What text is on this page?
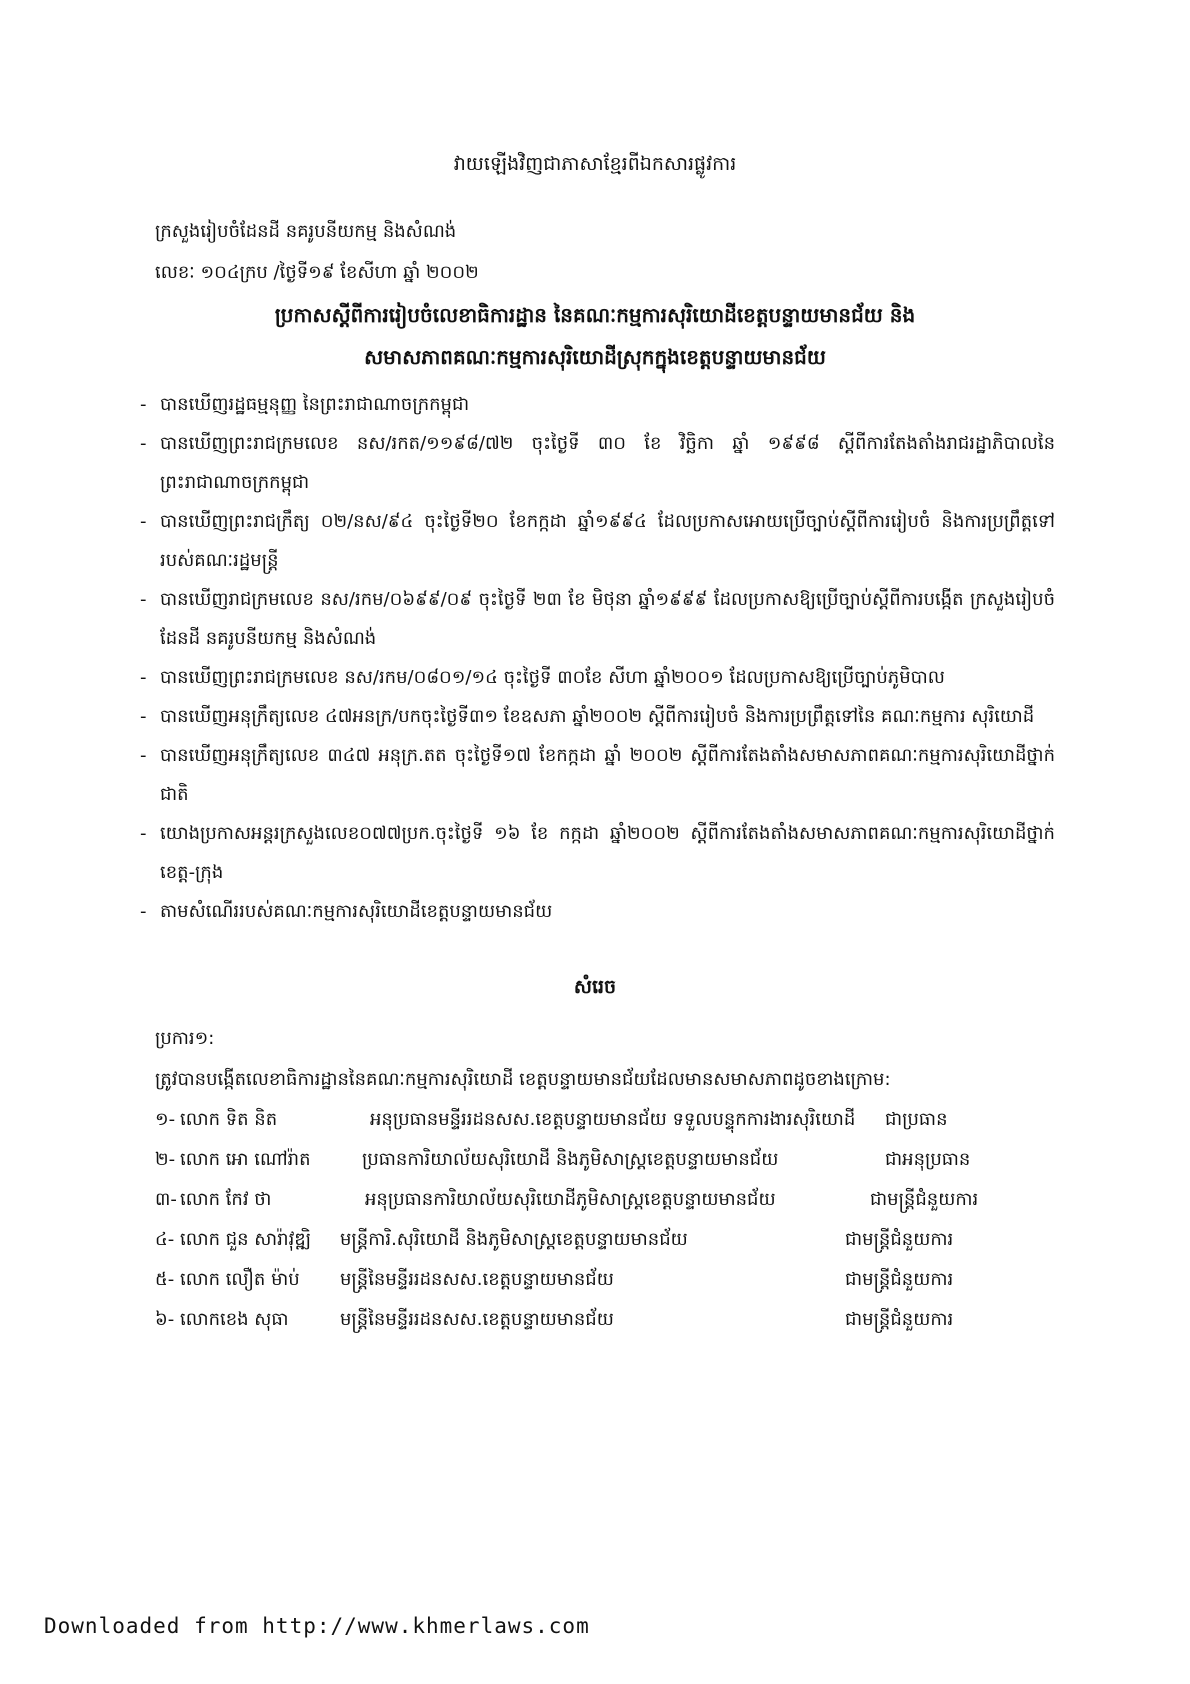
វាយឡើងវិញជាភាសាខ្មែរពីឯកសារផ្លូវការ
ក្រសួងរៀបចំដែនដី នគរូបនីយកម្ម និងសំណង់
លេខៈ ១០៤ក្រប /ថ្ងៃទី១៩ ខែសីហា ឆ្នាំ ២០០២
ប្រកាសស្តីពីការរៀបចំលេខាធិការដ្ឋាន នៃគណៈកម្មការសុរិយោដីខេត្តបន្ទាយមានជ័យ និង
សមាសភាពគណៈកម្មការសុរិយោដីស្រុកក្នុងខេត្តបន្ទាយមានជ័យ
- បានឃើញរដ្ឋធម្មនុញ្ញ នៃព្រះរាជាណាចក្រកម្ពុជា
- បានឃើញព្រះរាជក្រមលេខ នស/រកត/១១៩៨/៧២ ចុះថ្ងៃទី ៣០ ខែ វិច្ឆិកា ឆ្នាំ ១៩៩៨ ស្តីពីការតែងតាំងរាជរដ្ឋាភិបាលនៃព្រះរាជាណាចក្រកម្ពុជា
- បានឃើញព្រះរាជក្រឹត្យ ០២/នស/៩៤ ចុះថ្ងៃទី២០ ខែកក្កដា ឆ្នាំ១៩៩៤ ដែលប្រកាសអោយប្រើច្បាប់ស្តីពីការរៀបចំ និងការប្រព្រឹត្តទៅរបស់គណៈរដ្ឋមន្ត្រី
- បានឃើញរាជក្រមលេខ នស/រកម/០៦៩៩/០៩ ចុះថ្ងៃទី ២៣ ខែ មិថុនា ឆ្នាំ១៩៩៩ ដែលប្រកាសឱ្យប្រើច្បាប់ស្តីពីការបង្កើត ក្រសួងរៀបចំដែនដី នគរូបនីយកម្ម និងសំណង់
- បានឃើញព្រះរាជក្រមលេខ នស/រកម/០៨០១/១៤ ចុះថ្ងៃទី ៣០ខែ សីហា ឆ្នាំ២០០១ ដែលប្រកាសឱ្យប្រើច្បាប់ភូមិបាល
- បានឃើញអនុក្រឹត្យលេខ ៤៧អនក្រ/បកចុះថ្ងៃទី៣១ ខែឧសភា ឆ្នាំ២០០២ ស្តីពីការរៀបចំ និងការប្រព្រឹត្តទៅនៃ គណៈកម្មការ សុរិយោដី
- បានឃើញអនុក្រឹត្យលេខ ៣៤៧ អនុក្រ.តត ចុះថ្ងៃទី១៧ ខែកក្កដា ឆ្នាំ ២០០២ ស្តីពីការតែងតាំងសមាសភាពគណៈកម្មការសុរិយោដីថ្នាក់ជាតិ
- យោងប្រកាសអន្តរក្រសួងលេខ០៧៧ប្រក.ចុះថ្ងៃទី ១៦ ខែ កក្កដា ឆ្នាំ២០០២ ស្តីពីការតែងតាំងសមាសភាពគណៈកម្មការសុរិយោដីថ្នាក់ខេត្ត-ក្រុង
- តាមសំណើររបស់គណៈកម្មការសុរិយោដីខេត្តបន្ទាយមានជ័យ
សំរេច
ប្រការ១:
ត្រូវបានបង្កើតលេខាធិការដ្ឋាននៃគណៈកម្មការសុរិយោដី ខេត្តបន្ទាយមានជ័យដែលមានសមាសភាពដូចខាងក្រោម:
១- លោក ទិត និត	អនុប្រធានមន្ទីររដនសស.ខេត្តបន្ទាយមានជ័យ ទទួលបន្ទុកការងារសុរិយោដី ជាប្រធាន
២- លោក អោ ណៅរ៉ាត	ប្រធានការិយាល័យសុរិយោដី និងភូមិសាស្ត្រខេត្តបន្ទាយមានជ័យ	ជាអនុប្រធាន
៣- លោក កែវ ថា	អនុប្រធានការិយាល័យសុរិយោដីភូមិសាស្ត្រខេត្តបន្ទាយមានជ័យ	ជាមន្ត្រីជំនួយការ
៤- លោក ជួន សារ៉ាវុឌ្ឍិ មន្ត្រីការិ.សុរិយោដី និងភូមិសាស្ត្រខេត្តបន្ទាយមានជ័យ	ជាមន្ត្រីជំនួយការ
៥- លោក លឿត ម៉ាប់ មន្ត្រីនៃមន្ទីររដនសស.ខេត្តបន្ទាយមានជ័យ	ជាមន្ត្រីជំនួយការ
៦- លោកខេង សុធា	មន្ត្រីនៃមន្ទីររដនសស.ខេត្តបន្ទាយមានជ័យ	ជាមន្ត្រីជំនួយការ
Downloaded from http://www.khmerlaws.com
